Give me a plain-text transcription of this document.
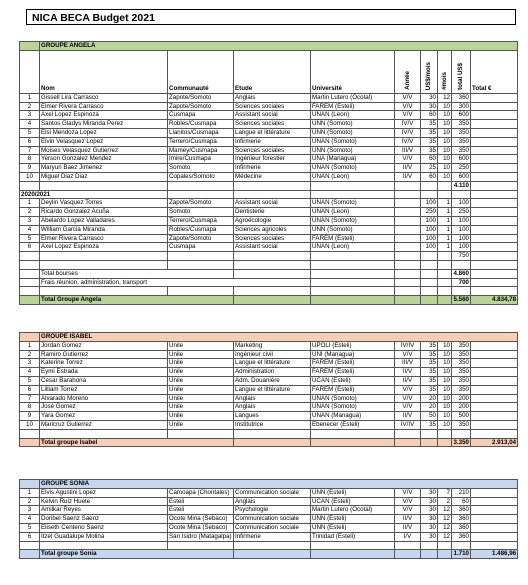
NICA BECA Budget 2021
	GROUPE ANGELA								
	Nom	Communauté	Etude	Université	Année	US$/mois	#mois	total US$	Total €
1	Gissell Lira Carrasco	Zapote/Somoto	Anglais	Martin Lutero (Ocotal)	V/V	30	12	360	
2	Elmer Rivera Carrasco	Zapote/Somoto	Sciences sociales	FAREM (Esteli)	V/V	30	10	300	
3	Axel Lopez Espinoza	Cusmapa	Assistant social	UNAN (Leon)	V/V	60	10	600	
4	Santos Gladys Miranda Perez	Robles/Cusmapa	Sciences sociales	UNN (Somoto)	IV/V	35	10	350	
5	Elsi Mendoza Lopez	Llanitos/Cusmapa	Langue et littérature	UNN (Somoto)	IV/V	35	10	350	
6	Elvin Velasquez Lopez	Terrero/Cusmapa	Infirmerie	UNAN (Somoto)	IV/V	35	10	350	
7	Moises Velasquez Gutierrez	Mamey/Cusmapa	Sciences sociales	UNN (Somoto)	III/V	35	10	350	
8	Yerson Gonzalez Mendez	Imire/Cusmapa	Ingénieur forestier	UNA (Managua)	V/V	60	10	600	
9	Maryuri Baez Jimenez	Somoto	Infirmerie	UNAN (Somoto)	II/V	25	10	250	
10	Miguel Diaz Diaz	Copales/Somoto	Médecine	UNAN (Leon)	II/V	60	10	600	
								4.110	
2020/2021									
1	Deylin Vasquez Torres	Zapote/Somoto	Assistant social	UNAN (Somoto)		100	1	100	
2	Ricardo Gonzalez Acuña	Somoto	Dentisterie	UNAN (Leon)		250	1	250	
3	Abelardo Lopez Valladares	Terrero/Cusmapa	Agroécologie	UNAN (Somoto)		100	1	100	
4	William Garcia Miranda	Robles/Cusmapa	Sciences agricoles	UNN (Somoto)		100	1	100	
5	Elmer Rivera Carrasco	Zapote/Somoto	Sciences sociales	FAREM (Esteli)		100	1	100	
6	Axel Lopez Espinoza	Cusmapa	Assistant social	UNAN (Leon)		100	1	100	
								750	

	Total bourses							4.860	
	Frais réunion, administration, transport							700	

	Total Groupe Angela							5.560	4.834,78
	GROUPE ISABEL								
1	Jordan Gomez	Unile	Marketing	UPOLI (Esteli)	IV/IV	35	10	350	
2	Ramiro Gutierrez	Unile	Ingénieur civil	UNI (Managua)	V/V	35	10	350	
3	Katerine Torrez	Unile	Langue et littérature	FAREM (Esteli)	III/V	35	10	350	
4	Eymi Estrada	Unile	Administration	FAREM (Esteli)	II/V	35	10	350	
5	Cesar Barahona	Unile	Adm. Douanière	UCAN (Esteli)	II/V	35	10	350	
6	Lilliam Torrez	Unile	Langue et littérature	FAREM (Esteli)	V/V	35	10	350	
7	Alvarado Moreno	Unile	Anglais	UNAN (Somoto)	V/V	20	10	200	
8	José Gomez	Unile	Anglais	UNAN (Somoto)	V/V	20	10	200	
9	Yara Gomez	Unile	Langues	UNAN (Managua)	II/V	50	10	500	
10	Maricruz Gutierrez	Unile	Institutrice	Ebenecer (Esteli)	IV/IV	35	10	350	

	Total groupe Isabel							3.350	2.913,04
	GROUPE SONIA								
1	Elvis Agustini Lopez	Camoapa (Chontales)	Communication sociale	UNN (Esteli)	V/V	30	7	210	
2	Kelvin Ruiz Huete	Esteli	Anglais	UCAN (Esteli)	V/V	30	2	60	
3	Amilkar Reyes	Esteli	Psychologie	Martin Lutero (Ocotal)	V/V	30	12	360	
4	Doribel Saenz Saenz	Ocote Mina (Sebaco)	Communication sociale	UNN (Esteli)	II/V	30	12	360	
5	Eliseth Centeno Saenz	Ocote Mina (Sebaco)	Communication sociale	UNN (Esteli)	II/V	30	12	360	
6	Itzel Guadalupe Molina	San Isidro (Matagalpa)	Infirmerie	Trinidad (Esteli)	I/V	30	12	360	

	Total groupe Sonia							1.710	1.486,96
